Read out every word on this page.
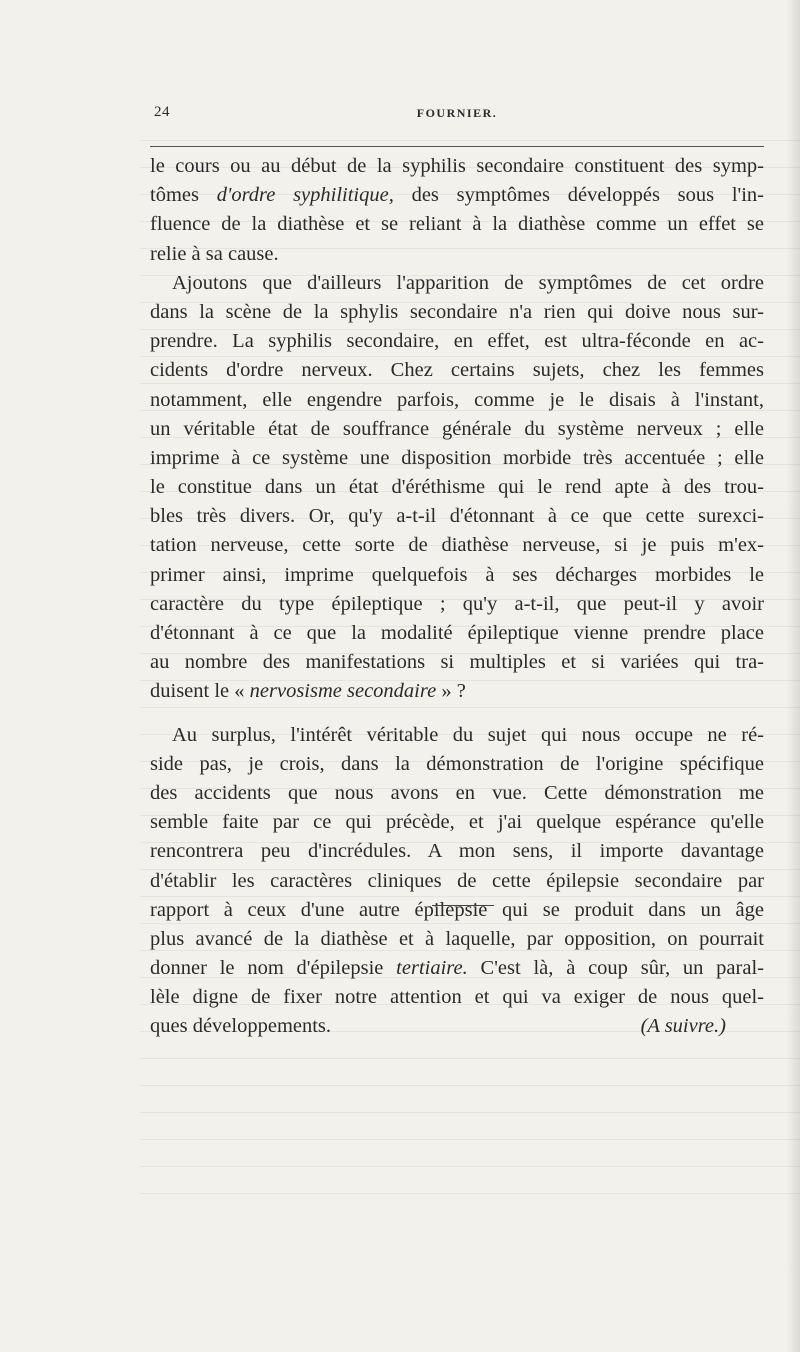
24	FOURNIER.
le cours ou au début de la syphilis secondaire constituent des symp-
tômes d'ordre syphilitique, des symptômes développés sous l'in-
fluence de la diathèse et se reliant à la diathèse comme un effet se
relie à sa cause.
Ajoutons que d'ailleurs l'apparition de symptômes de cet ordre
dans la scène de la sphylis secondaire n'a rien qui doive nous sur-
prendre. La syphilis secondaire, en effet, est ultra-féconde en ac-
cidents d'ordre nerveux. Chez certains sujets, chez les femmes
notamment, elle engendre parfois, comme je le disais à l'instant,
un véritable état de souffrance générale du système nerveux ; elle
imprime à ce système une disposition morbide très accentuée ; elle
le constitue dans un état d'éréthisme qui le rend apte à des trou-
bles très divers. Or, qu'y a-t-il d'étonnant à ce que cette surexci-
tation nerveuse, cette sorte de diathèse nerveuse, si je puis m'ex-
primer ainsi, imprime quelquefois à ses décharges morbides le
caractère du type épileptique ; qu'y a-t-il, que peut-il y avoir
d'étonnant à ce que la modalité épileptique vienne prendre place
au nombre des manifestations si multiples et si variées qui tra-
duisent le « nervosisme secondaire » ?
Au surplus, l'intérêt véritable du sujet qui nous occupe ne ré-
side pas, je crois, dans la démonstration de l'origine spécifique
des accidents que nous avons en vue. Cette démonstration me
semble faite par ce qui précède, et j'ai quelque espérance qu'elle
rencontrera peu d'incrédules. A mon sens, il importe davantage
d'établir les caractères cliniques de cette épilepsie secondaire par
rapport à ceux d'une autre épilepsie qui se produit dans un âge
plus avancé de la diathèse et à laquelle, par opposition, on pourrait
donner le nom d'épilepsie tertiaire. C'est là, à coup sûr, un paral-
lèle digne de fixer notre attention et qui va exiger de nous quel-
ques développements.	(A suivre.)
